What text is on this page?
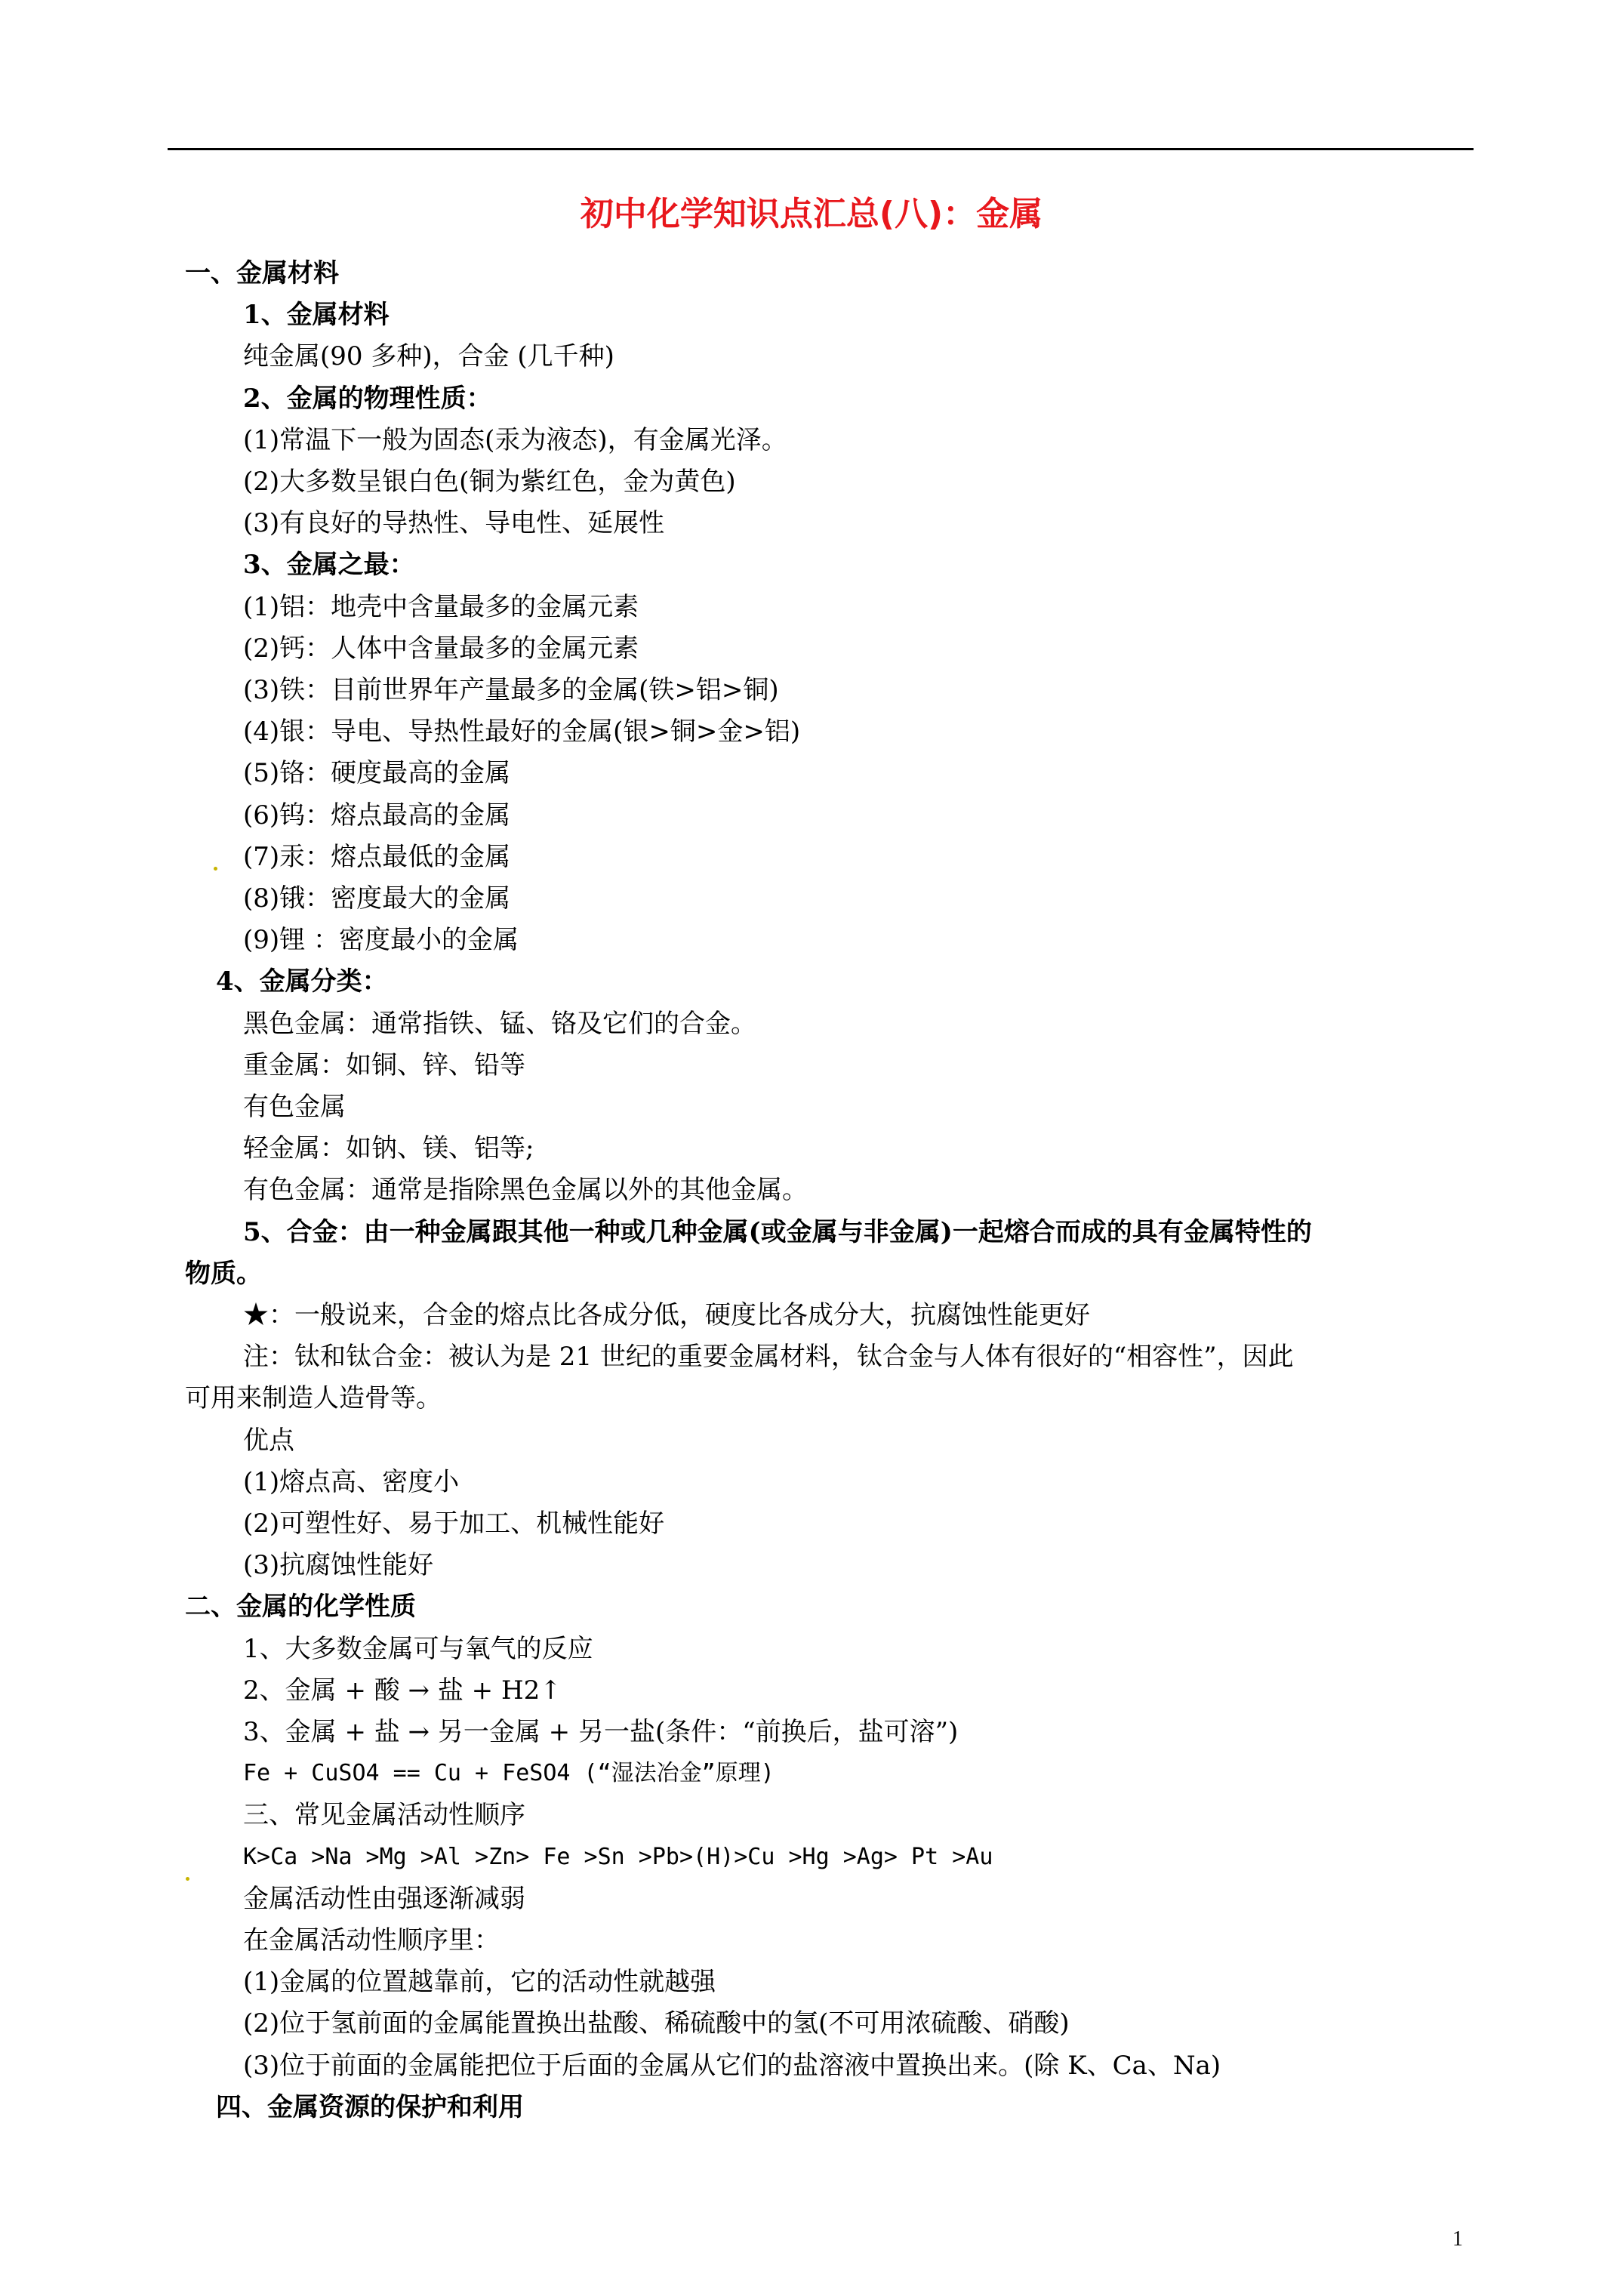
初中化学知识点汇总(八)：金属
一、金属材料
1、金属材料
纯金属(90 多种)，合金 (几千种)
2、金属的物理性质：
(1)常温下一般为固态(汞为液态)，有金属光泽。
(2)大多数呈银白色(铜为紫红色，金为黄色)
(3)有良好的导热性、导电性、延展性
3、金属之最：
(1)铝：地壳中含量最多的金属元素
(2)钙：人体中含量最多的金属元素
(3)铁：目前世界年产量最多的金属(铁>铝>铜)
(4)银：导电、导热性最好的金属(银>铜>金>铝)
(5)铬：硬度最高的金属
(6)钨：熔点最高的金属
(7)汞：熔点最低的金属
(8)锇：密度最大的金属
(9)锂 ：密度最小的金属
4、金属分类：
黑色金属：通常指铁、锰、铬及它们的合金。
重金属：如铜、锌、铅等
有色金属
轻金属：如钠、镁、铝等;
有色金属：通常是指除黑色金属以外的其他金属。
5、合金：由一种金属跟其他一种或几种金属(或金属与非金属)一起熔合而成的具有金属特性的
物质。
★：一般说来，合金的熔点比各成分低，硬度比各成分大，抗腐蚀性能更好
注：钛和钛合金：被认为是 21 世纪的重要金属材料，钛合金与人体有很好的“相容性”，因此
可用来制造人造骨等。
优点
(1)熔点高、密度小
(2)可塑性好、易于加工、机械性能好
(3)抗腐蚀性能好
二、金属的化学性质
1、大多数金属可与氧气的反应
2、金属 + 酸 → 盐 + H2↑
3、金属 + 盐 → 另一金属 + 另一盐(条件：“前换后，盐可溶”)
Fe + CuSO4 == Cu + FeSO4 (“湿法冶金”原理)
三、常见金属活动性顺序
K>Ca >Na >Mg >Al >Zn> Fe >Sn >Pb>(H)>Cu >Hg >Ag> Pt >Au
金属活动性由强逐渐减弱
在金属活动性顺序里：
(1)金属的位置越靠前，它的活动性就越强
(2)位于氢前面的金属能置换出盐酸、稀硫酸中的氢(不可用浓硫酸、硝酸)
(3)位于前面的金属能把位于后面的金属从它们的盐溶液中置换出来。(除 K、Ca、Na)
四、金属资源的保护和利用
1
